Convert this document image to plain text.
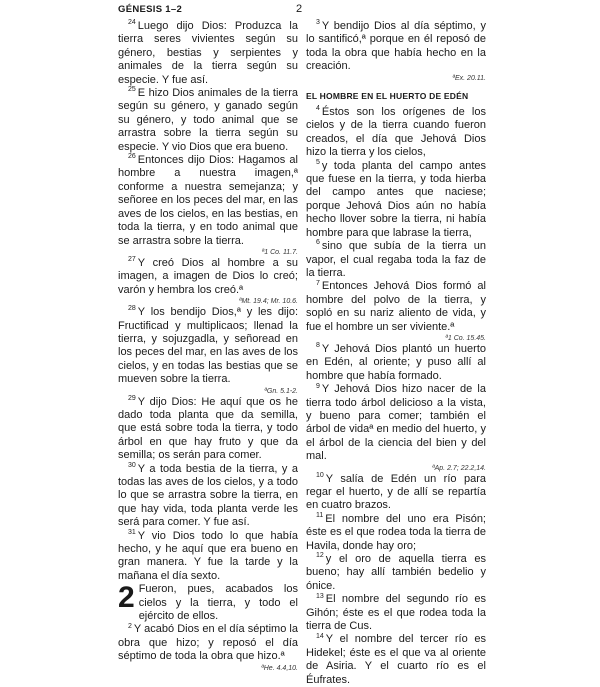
GÉNESIS 1–2	2

$^{24}$ Luego dijo Dios: Produzca la tierra seres vivientes según su género, bestias y serpientes y animales de la tierra según su especie. Y fue así.

$^{25}$ E hizo Dios animales de la tierra según su género, y ganado según su género, y todo animal que se arrastra sobre la tierra según su especie. Y vio Dios que era bueno.

$^{26}$ Entonces dijo Dios: Hagamos al hombre a nuestra imagen,ª conforme a nuestra semejanza; y señoree en los peces del mar, en las aves de los cielos, en las bestias, en toda la tierra, y en todo animal que se arrastra sobre la tierra.
ª1 Co. 11.7.

$^{27}$ Y creó Dios al hombre a su imagen, a imagen de Dios lo creó; varón y hembra los creó.ª
ªMt. 19.4; Mr. 10.6.

$^{28}$ Y los bendijo Dios,ª y les dijo: Fructificad y multiplicaos; llenad la tierra, y sojuzgadla, y señoread en los peces del mar, en las aves de los cielos, y en todas las bestias que se mueven sobre la tierra.
ªGn. 5.1-2.

$^{29}$ Y dijo Dios: He aquí que os he dado toda planta que da semilla, que está sobre toda la tierra, y todo árbol en que hay fruto y que da semilla; os serán para comer.

$^{30}$ Y a toda bestia de la tierra, y a todas las aves de los cielos, y a todo lo que se arrastra sobre la tierra, en que hay vida, toda planta verde les será para comer. Y fue así.

$^{31}$ Y vio Dios todo lo que había hecho, y he aquí que era bueno en gran manera. Y fue la tarde y la mañana el día sexto.

2 Fueron, pues, acabados los cielos y la tierra, y todo el ejército de ellos.

$^2$ Y acabó Dios en el día séptimo la obra que hizo; y reposó el día séptimo de toda la obra que hizo.ª
ªHe. 4.4,10.

$^3$ Y bendijo Dios al día séptimo, y lo santificó,ª porque en él reposó de toda la obra que había hecho en la creación.
ªEx. 20.11.

EL HOMBRE EN EL HUERTO DE EDÉN

$^4$ Éstos son los orígenes de los cielos y de la tierra cuando fueron creados, el día que Jehová Dios hizo la tierra y los cielos,

$^5$ y toda planta del campo antes que fuese en la tierra, y toda hierba del campo antes que naciese; porque Jehová Dios aún no había hecho llover sobre la tierra, ni había hombre para que labrase la tierra,

$^6$ sino que subía de la tierra un vapor, el cual regaba toda la faz de la tierra.

$^7$ Entonces Jehová Dios formó al hombre del polvo de la tierra, y sopló en su nariz aliento de vida, y fue el hombre un ser viviente.ª
ª1 Co. 15.45.

$^8$ Y Jehová Dios plantó un huerto en Edén, al oriente; y puso allí al hombre que había formado.

$^9$ Y Jehová Dios hizo nacer de la tierra todo árbol delicioso a la vista, y bueno para comer; también el árbol de vidaª en medio del huerto, y el árbol de la ciencia del bien y del mal.
ªAp. 2.7; 22.2,14.

$^{10}$ Y salía de Edén un río para regar el huerto, y de allí se repartía en cuatro brazos.

$^{11}$ El nombre del uno era Pisón; éste es el que rodea toda la tierra de Havila, donde hay oro;

$^{12}$ y el oro de aquella tierra es bueno; hay allí también bedelio y ónice.

$^{13}$ El nombre del segundo río es Gihón; éste es el que rodea toda la tierra de Cus.

$^{14}$ Y el nombre del tercer río es Hidekel; éste es el que va al oriente de Asiria. Y el cuarto río es el Éufrates.
